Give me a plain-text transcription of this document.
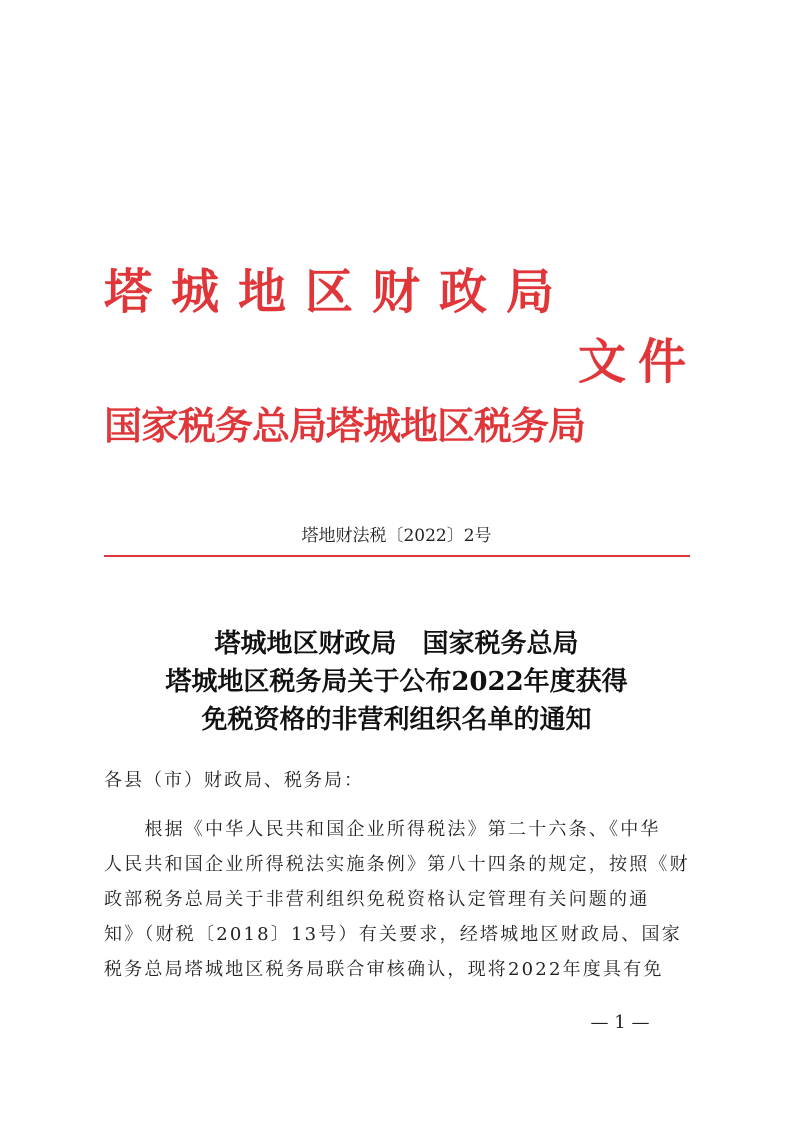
塔城地区财政局
文件
国家税务总局塔城地区税务局
塔地财法税〔2022〕2号
塔城地区财政局　国家税务总局
塔城地区税务局关于公布2022年度获得
免税资格的非营利组织名单的通知
各县（市）财政局、税务局：
　　根据《中华人民共和国企业所得税法》第二十六条、《中华
人民共和国企业所得税法实施条例》第八十四条的规定，按照《财
政部税务总局关于非营利组织免税资格认定管理有关问题的通
知》（财税〔2018〕13号）有关要求，经塔城地区财政局、国家
税务总局塔城地区税务局联合审核确认，现将2022年度具有免
— 1 —
